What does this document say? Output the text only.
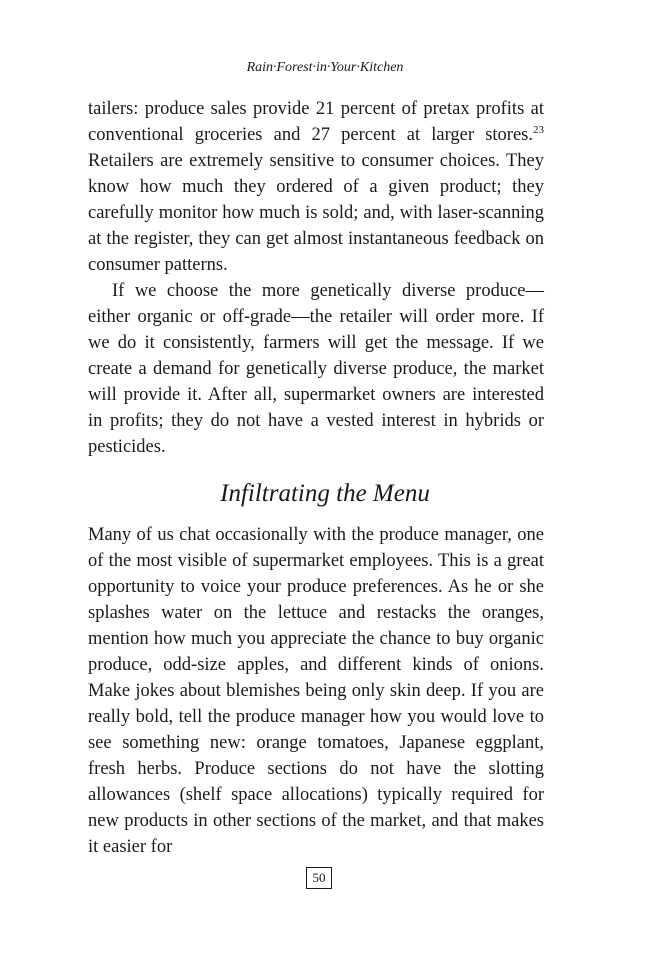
Rain·Forest·in·Your·Kitchen

tailers: produce sales provide 21 percent of pretax profits at conventional groceries and 27 percent at larger stores.$^{23}$ Retailers are extremely sensitive to consumer choices. They know how much they ordered of a given product; they carefully monitor how much is sold; and, with laser-scanning at the register, they can get almost instantaneous feedback on consumer patterns.

If we choose the more genetically diverse produce—either organic or off-grade—the retailer will order more. If we do it consistently, farmers will get the message. If we create a demand for genetically diverse produce, the market will provide it. After all, supermarket owners are interested in profits; they do not have a vested interest in hybrids or pesticides.

Infiltrating the Menu

Many of us chat occasionally with the produce manager, one of the most visible of supermarket employees. This is a great opportunity to voice your produce preferences. As he or she splashes water on the lettuce and restacks the oranges, mention how much you appreciate the chance to buy organic produce, odd-size apples, and different kinds of onions. Make jokes about blemishes being only skin deep. If you are really bold, tell the produce manager how you would love to see something new: orange tomatoes, Japanese eggplant, fresh herbs. Produce sections do not have the slotting allowances (shelf space allocations) typically required for new products in other sections of the market, and that makes it easier for

50
